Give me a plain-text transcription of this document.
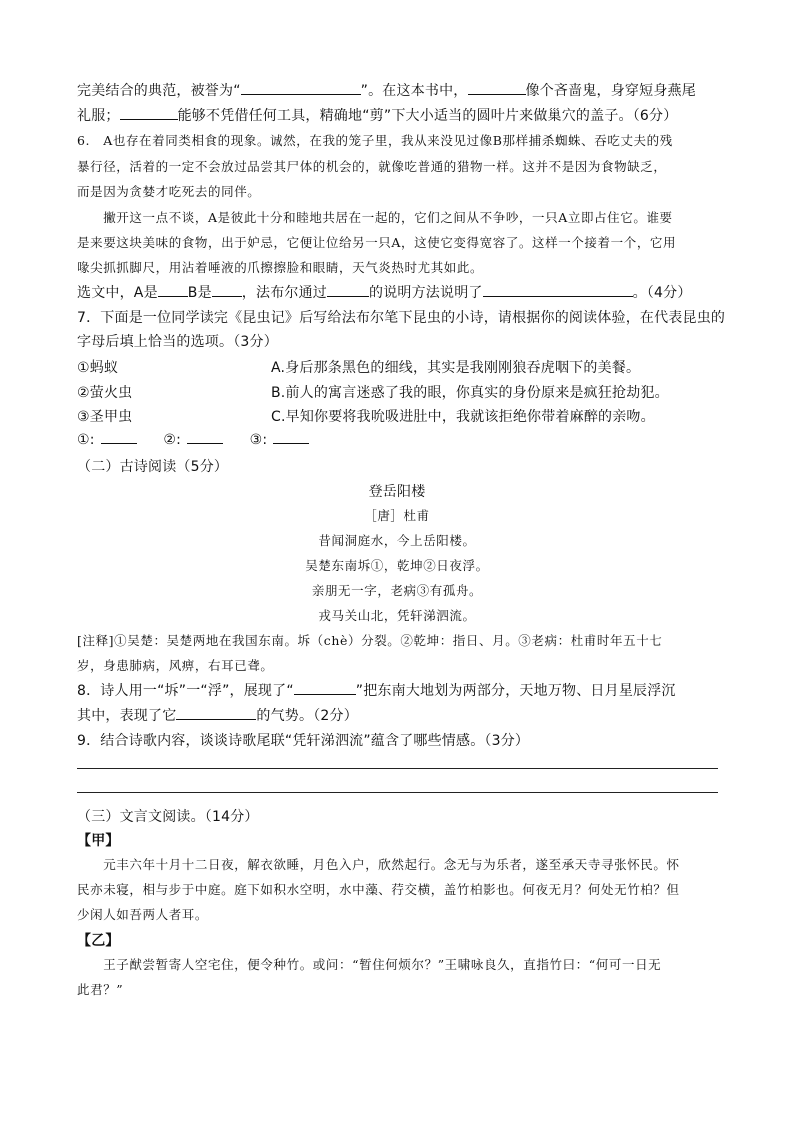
完美结合的典范，被誉为“	”。在这本书中，	像个吝啬鬼，身穿短身燕尾
礼服；	能够不凭借任何工具，精确地“剪”下大小适当的圆叶片来做巢穴的盖子。（6分）
6.　A也存在着同类相食的现象。诚然，在我的笼子里，我从来没见过像B那样捕杀蜘蛛、吞吃丈夫的残
暴行径，活着的一定不会放过品尝其尸体的机会的，就像吃普通的猎物一样。这并不是因为食物缺乏，
而是因为贪婪才吃死去的同伴。
　　撇开这一点不谈，A是彼此十分和睦地共居在一起的，它们之间从不争吵，一只A立即占住它。谁要
是来要这块美味的食物，出于妒忌，它便让位给另一只A，这使它变得宽容了。这样一个接着一个，它用
喙尖抓抓脚尺，用沾着唾液的爪擦擦脸和眼睛，天气炎热时尤其如此。
选文中，A是 B是 ，法布尔通过	的说明方法说明了	。（4分）
7．下面是一位同学读完《昆虫记》后写给法布尔笔下昆虫的小诗，请根据你的阅读体验，在代表昆虫的
字母后填上恰当的选项。（3分）
①蚂蚁	A.身后那条黑色的细线，其实是我刚刚狼吞虎咽下的美餐。
②萤火虫	B.前人的寓言迷惑了我的眼，你真实的身份原来是疯狂抢劫犯。
③圣甲虫	C.早知你要将我吮吸进肚中，我就该拒绝你带着麻醉的亲吻。
①:	②:	③:
（二）古诗阅读（5分）
登岳阳楼
［唐］杜甫
昔闻洞庭水，今上岳阳楼。
吴楚东南坼①，乾坤②日夜浮。
亲朋无一字，老病③有孤舟。
戎马关山北，凭轩涕泗流。
[注释]①吴楚：吴楚两地在我国东南。坼（chè）分裂。②乾坤：指日、月。③老病：杜甫时年五十七
岁，身患肺病，风痹，右耳已聋。
8．诗人用一“坼”一“浮”，展现了“	”把东南大地划为两部分，天地万物、日月星辰浮沉
其中，表现了它	的气势。（2分）
9．结合诗歌内容，谈谈诗歌尾联“凭轩涕泗流”蕴含了哪些情感。（3分）
（三）文言文阅读。（14分）
【甲】
　　元丰六年十月十二日夜，解衣欲睡，月色入户，欣然起行。念无与为乐者，遂至承天寺寻张怀民。怀
民亦未寝，相与步于中庭。庭下如积水空明，水中藻、荇交横，盖竹柏影也。何夜无月？何处无竹柏？但
少闲人如吾两人者耳。
【乙】
　　王子猷尝暂寄人空宅住，便令种竹。或问：“暂住何烦尔？”王啸咏良久，直指竹曰：“何可一日无
此君？”
